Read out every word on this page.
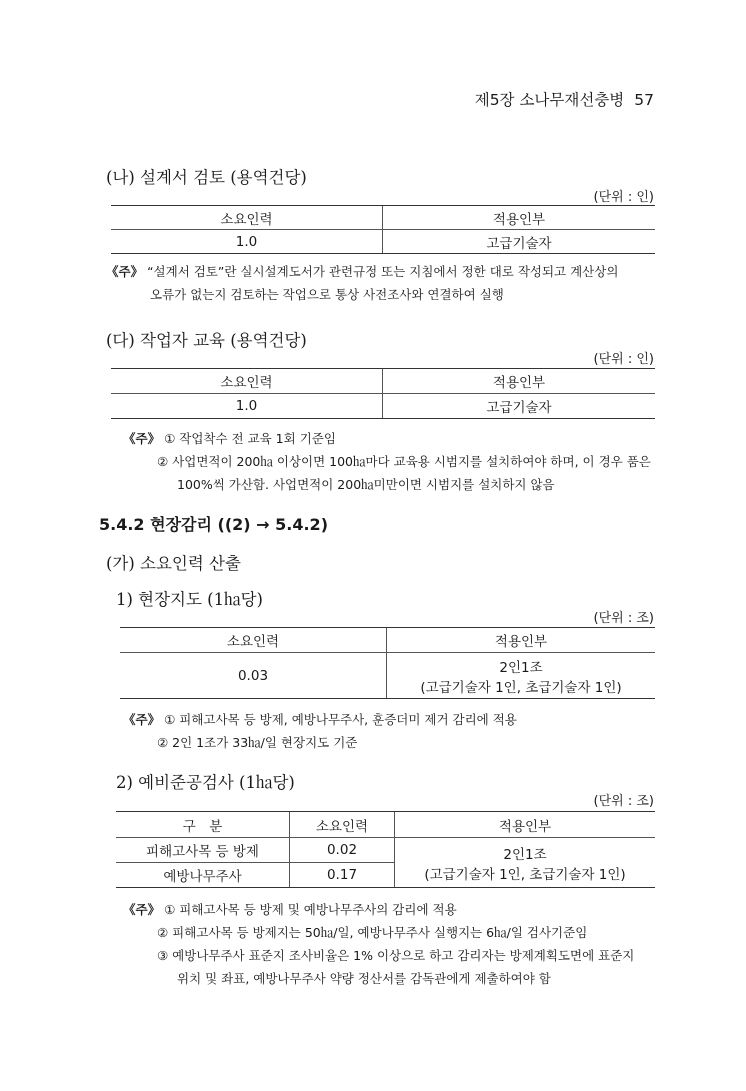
제5장 소나무재선충병 57
(나) 설계서 검토 (용역건당)
(단위 : 인)
소요인력	적용인부
1.0	고급기술자
《주》 “설계서 검토”란 실시설계도서가 관련규정 또는 지침에서 정한 대로 작성되고 계산상의
오류가 없는지 검토하는 작업으로 통상 사전조사와 연결하여 실행
(다) 작업자 교육 (용역건당)
(단위 : 인)
소요인력	적용인부
1.0	고급기술자
《주》 ① 작업착수 전 교육 1회 기준임
② 사업면적이 200㏊ 이상이면 100㏊마다 교육용 시범지를 설치하여야 하며, 이 경우 품은
100%씩 가산함. 사업면적이 200㏊미만이면 시범지를 설치하지 않음
5.4.2 현장감리 ((2) → 5.4.2)
(가) 소요인력 산출
1) 현장지도 (1㏊당)
(단위 : 조)
소요인력	적용인부
0.03	2인1조
(고급기술자 1인, 초급기술자 1인)
《주》 ① 피해고사목 등 방제, 예방나무주사, 훈증더미 제거 감리에 적용
② 2인 1조가 33㏊/일 현장지도 기준
2) 예비준공검사 (1㏊당)
(단위 : 조)
구　분	소요인력	적용인부
피해고사목 등 방제	0.02	2인1조
(고급기술자 1인, 초급기술자 1인)

예방나무주사	0.17	
《주》 ① 피해고사목 등 방제 및 예방나무주사의 감리에 적용
② 피해고사목 등 방제지는 50㏊/일, 예방나무주사 실행지는 6㏊/일 검사기준임
③ 예방나무주사 표준지 조사비율은 1% 이상으로 하고 감리자는 방제계획도면에 표준지
위치 및 좌표, 예방나무주사 약량 정산서를 감독관에게 제출하여야 함
